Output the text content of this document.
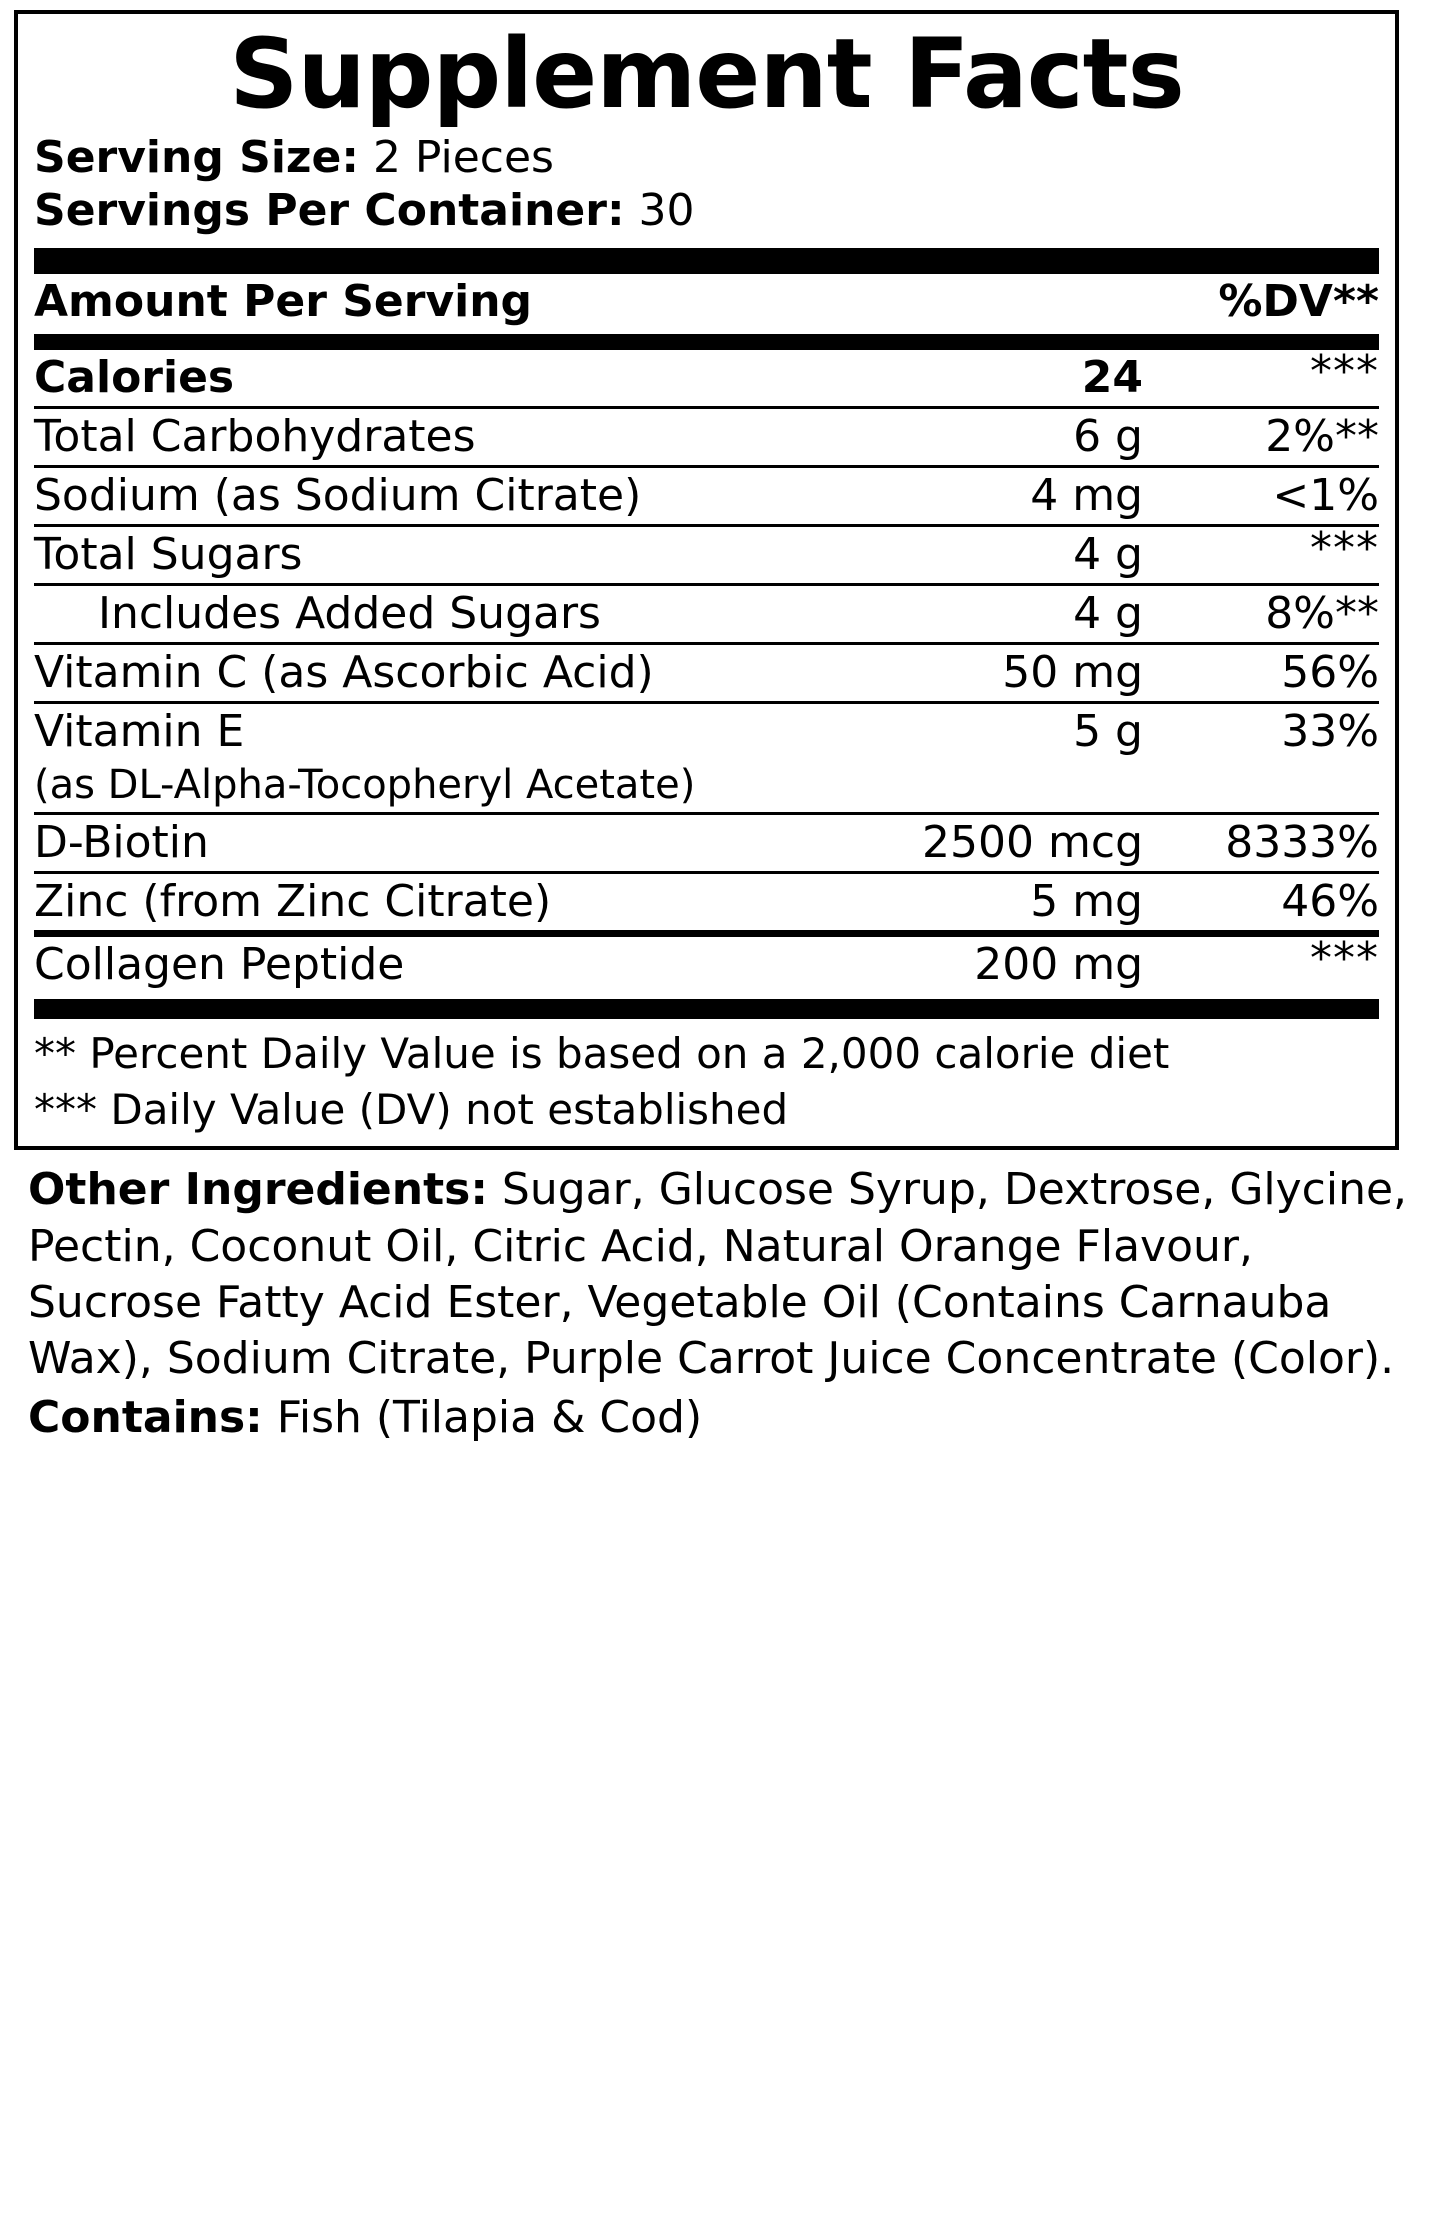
Supplement Facts
Serving Size: 2 Pieces
Servings Per Container: 30
Amount Per Serving		%DV**
Calories	24	***
Total Carbohydrates	6 g	2%**
Sodium (as Sodium Citrate)	4 mg	<1%
Total Sugars	4 g	***
Includes Added Sugars	4 g	8%**
Vitamin C (as Ascorbic Acid)	50 mg	56%
Vitamin E	5 g	33%
(as DL-Alpha-Tocopheryl Acetate)		
D-Biotin	2500 mcg	8333%
Zinc (from Zinc Citrate)	5 mg	46%
Collagen Peptide	200 mg	***
** Percent Daily Value is based on a 2,000 calorie diet
*** Daily Value (DV) not established
Other Ingredients: Sugar, Glucose Syrup, Dextrose, Glycine, Pectin, Coconut Oil, Citric Acid, Natural Orange Flavour, Sucrose Fatty Acid Ester, Vegetable Oil (Contains Carnauba Wax), Sodium Citrate, Purple Carrot Juice Concentrate (Color).
Contains: Fish (Tilapia & Cod)
